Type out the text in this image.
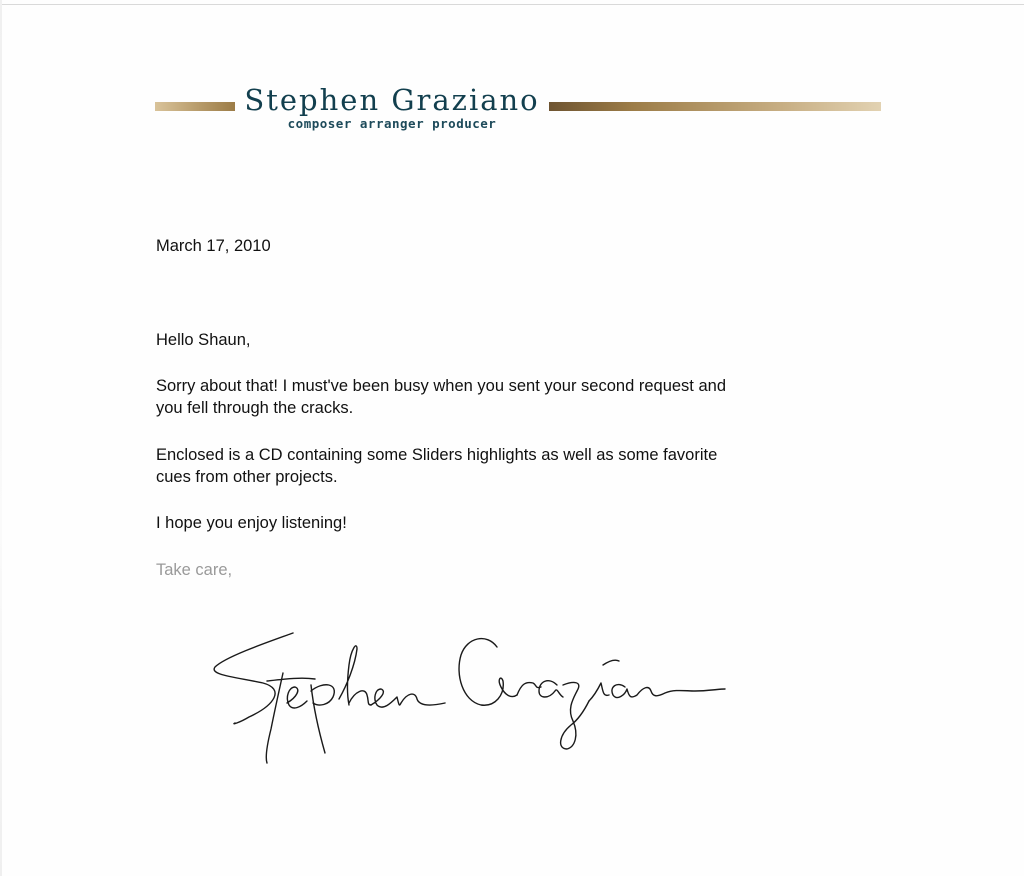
Stephen Graziano
composer arranger producer
March 17, 2010
Hello Shaun,
Sorry about that! I must've been busy when you sent your second request and
you fell through the cracks.
Enclosed is a CD containing some Sliders highlights as well as some favorite
cues from other projects.
I hope you enjoy listening!
Take care,
